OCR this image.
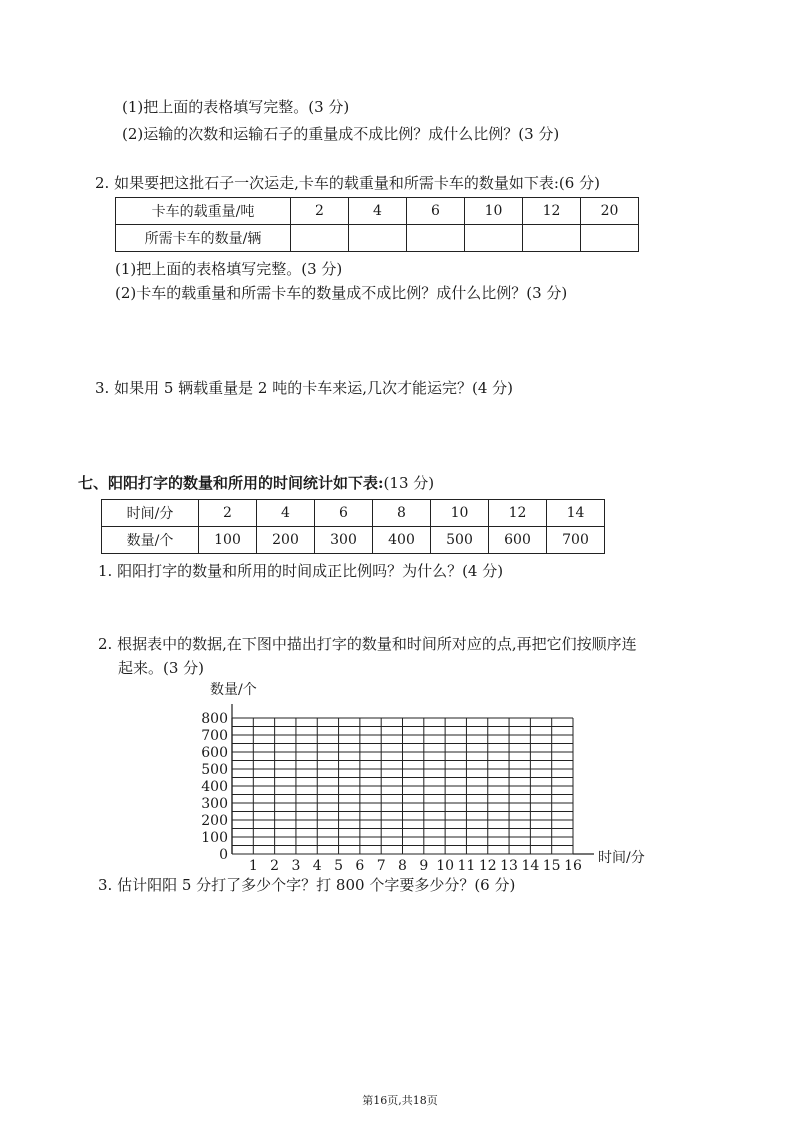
(1)把上面的表格填写完整。(3 分)
(2)运输的次数和运输石子的重量成不成比例？成什么比例？(3 分)
2. 如果要把这批石子一次运走,卡车的载重量和所需卡车的数量如下表:(6 分)
卡车的载重量/吨	2	4	6	10	12	20
所需卡车的数量/辆						
(1)把上面的表格填写完整。(3 分)
(2)卡车的载重量和所需卡车的数量成不成比例？成什么比例？(3 分)
3. 如果用 5 辆载重量是 2 吨的卡车来运,几次才能运完？(4 分)
七、阳阳打字的数量和所用的时间统计如下表:(13 分)
时间/分	2	4	6	8	10	12	14
数量/个	100	200	300	400	500	600	700
1. 阳阳打字的数量和所用的时间成正比例吗？为什么？(4 分)
2. 根据表中的数据,在下图中描出打字的数量和时间所对应的点,再把它们按顺序连
起来。(3 分)
数量/个
时间/分
1 2 3 4 5 6 7 8 9 10 11 12 13 14 15 16
0
100
200
300
400
500
600
700
800
3. 估计阳阳 5 分打了多少个字？打 800 个字要多少分？(6 分)
第16页,共18页
